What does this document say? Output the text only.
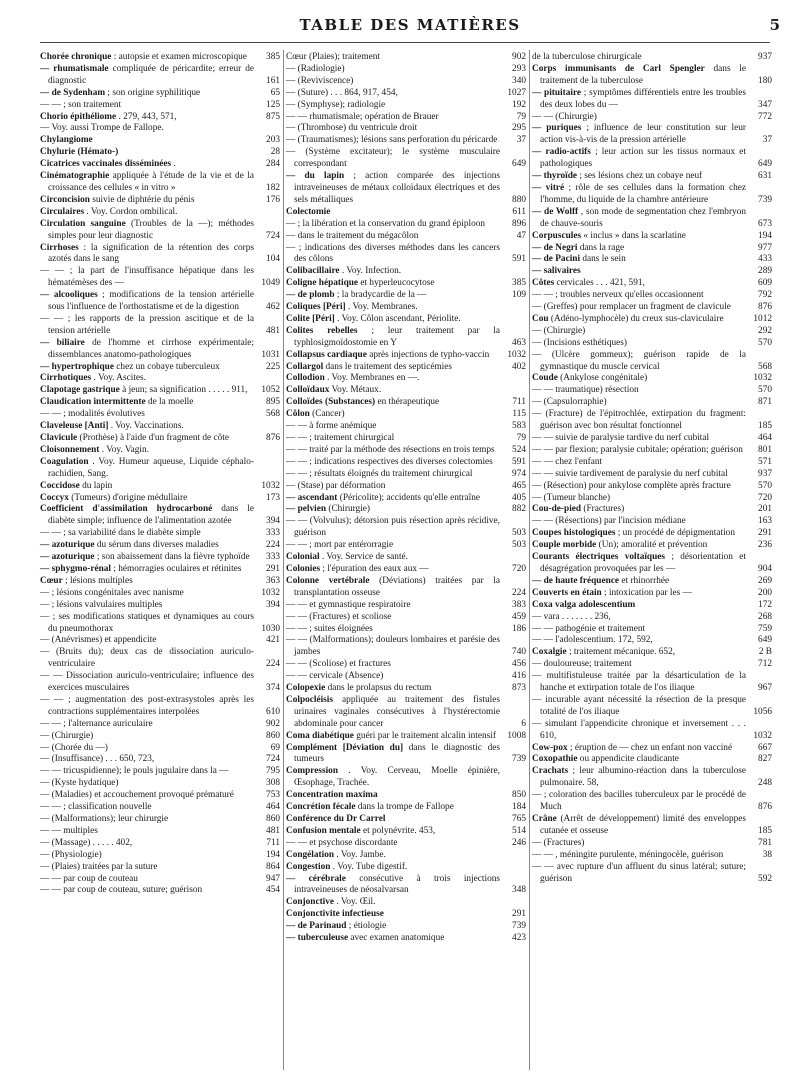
TABLE DES MATIÈRES	5
Chorée chronique : autopsie et examen microscopique 385
— rhumatismale compliquée de péricardite; erreur de diagnostic	161
— de Sydenham ; son origine syphilitique	65
— — ; son traitement	125
Chorio épithéliome . 279, 443, 571,	875
— Voy. aussi Trompe de Fallope.
Chylangiome	203
Chylurie (Hémato-)	28
Cicatrices vaccinales disséminées .	284
Cinématographie appliquée à l'étude de la vie et de la croissance des cellules « in vitro »	182
Circoncision suivie de diphtérie du pénis	176
Circulaires . Voy. Cordon ombilical.
Circulation sanguine (Troubles de la —); méthodes simples pour leur diagnostic	724
Cirrhoses : la signification de la rétention des corps azotés dans le sang	104
— — ; la part de l'insuffisance hépatique dans les hématémèses des —	1049
— alcooliques ; modifications de la tension artérielle sous l'influence de l'orthostatisme et de la digestion	462
— — ; les rapports de la pression ascitique et de la tension artérielle	481
— biliaire de l'homme et cirrhose expérimentale; dissemblances anatomo-pathologiques	1031
— hypertrophique chez un cobaye tuberculeux	225
Cirrhotiques . Voy. Ascites.
Clapotage gastrique à jeun; sa signification . . . . . 911, 1052
Claudication intermittente de la moelle	895
— — ; modalités évolutives	568
Claveleuse [Anti] . Voy. Vaccinations.
Clavicule (Prothèse) à l'aide d'un fragment de côte	876
Cloisonnement . Voy. Vagin.
Coagulation . Voy. Humeur aqueuse, Liquide céphalo-rachidien, Sang.
Coccidose du lapin	1032
Coccyx (Tumeurs) d'origine médullaire	173
Coefficient d'assimilation hydrocarboné dans le diabète simple; influence de l'alimentation azotée	394
— — ; sa variabilité dans le diabète simple	333
— azoturique du sérum dans diverses maladies	224
— azoturique ; son abaissement dans la fièvre typhoïde 333
— sphygmo-rénal ; hémorragies oculaires et rétinites	291
Cœur ; lésions multiples	363
— ; lésions congénitales avec nanisme	1032
— ; lésions valvulaires multiples	394
— ; ses modifications statiques et dynamiques au cours du pneumothorax	1030
— (Anévrismes) et appendicite	421
— (Bruits du); deux cas de dissociation auriculo-ventriculaire	224
— — Dissociation auriculo-ventriculaire; influence des exercices musculaires	374
— — ; augmentation des post-extrasystoles après les contractions supplémentaires interpolées	610
— — ; l'alternance auriculaire	902
— (Chirurgie)	860
— (Chorée du —)	69
— (Insuffisance) . . . 650, 723,	724
— — tricuspidienne); le pouls jugulaire dans la —	795
— (Kyste hydatique)	308
— (Maladies) et accouchement provoqué prématuré	753
— — ; classification nouvelle	464
— (Malformations); leur chirurgie	860
— — multiples	481
— (Massage) . . . . . 402,	711
— (Physiologie)	194
— (Plaies) traitées par la suture	864
— — par coup de couteau	947
— — par coup de couteau, suture; guérison	454
Cœur (Plaies); traitement	902
— (Radiologie)	293
— (Reviviscence)	340
— (Suture) . . . 864, 917, 454,	1027
— (Symphyse); radiologie	192
— — rhumatismale; opération de Brauer	79
— (Thrombose) du ventricule droit	295
— (Traumatismes); lésions sans perforation du péricarde 37
— (Système excitateur); le système musculaire correspondant	649
— du lapin ; action comparée des injections intraveineuses de métaux colloïdaux électriques et des sels métalliques	880
Colectomie	611
— ; la libération et la conservation du grand épiploon	896
— dans le traitement du mégacôlon	47
— ; indications des diverses méthodes dans les cancers des côlons	591
Colibacillaire . Voy. Infection.
Coligne hépatique et hyperleucocytose	385
— de plomb ; la bradycardie de la —	109
Coliques [Péri] . Voy. Membranes.
Colite [Péri] . Voy. Côlon ascendant, Périolite.
Colites rebelles ; leur traitement par la typhlosigmoïdostomie en Y	463
Collapsus cardiaque après injections de typho-vaccin 1032
Collargol dans le traitement des septicémies	402
Collodion . Voy. Membranes en —.
Colloïdaux Voy. Métaux.
Colloïdes (Substances) en thérapeutique	711
Côlon (Cancer)	115
— — à forme anémique	583
— — ; traitement chirurgical	79
— — traité par la méthode des résections en trois temps 524
— — ; indications respectives des diverses colectomies 591
— — ; résultats éloignés du traitement chirurgical	974
— (Stase) par déformation	465
— ascendant (Péricolite); accidents qu'elle entraîne	405
— pelvien (Chirurgie)	882
— — (Volvulus); détorsion puis résection après récidive, guérison	503
— — ; mort par entérorragie	503
Colonial . Voy. Service de santé.
Colonies ; l'épuration des eaux aux —	720
Colonne vertébrale (Déviations) traitées par la transplantation osseuse	224
— — et gymnastique respiratoire	383
— — (Fractures) et scoliose	459
— — ; suites éloignées	186
— — (Malformations); douleurs lombaires et parésie des jambes	740
— — (Scoliose) et fractures	456
— — cervicale (Absence)	416
Colopexie dans le prolapsus du rectum	873
Colpocléisis appliquée au traitement des fistules urinaires vaginales consécutives à l'hystérectomie abdominale pour cancer	6
Coma diabétique guéri par le traitement alcalin intensif 1008
Complément [Déviation du] dans le diagnostic des tumeurs	739
Compression . Voy. Cerveau, Moelle épinière, Œsophage, Trachée.
Concentration maxima	850
Concrétion fécale dans la trompe de Fallope	184
Conférence du Dr Carrel	765
Confusion mentale et polynévrite. 453,	514
— — et psychose discordante	246
Congélation . Voy. Jambe.
Congestion . Voy. Tube digestif.
— cérébrale consécutive à trois injections intraveineuses de néosalvarsan	348
Conjonctive . Voy. Œil.
Conjonctivite infectieuse	291
— de Parinaud ; étiologie	739
— tuberculeuse avec examen anatomique	423
de la tuberculose chirurgicale	937
Corps immunisants de Carl Spengler dans le traitement de la tuberculose	180
— pituitaire ; symptômes différentiels entre les troubles des deux lobes du —	347
— — (Chirurgie)	772
— puriques ; influence de leur constitution sur leur action vis-à-vis de la pression artérielle	37
— radio-actifs ; leur action sur les tissus normaux et pathologiques	649
— thyroïde ; ses lésions chez un cobaye neuf	631
— vitré ; rôle de ses cellules dans la formation chez l'homme, du liquide de la chambre antérieure	739
— de Wolff , son mode de segmentation chez l'embryon de chauve-souris	673
Corpuscules « inclus » dans la scarlatine	194
— de Negri dans la rage	977
— de Pacini dans le sein	433
— salivaires	289
Côtes cervicales . . . 421, 591,	609
— — ; troubles nerveux qu'elles occasionnent	792
— (Greffes) pour remplacer un fragment de clavicule	876
Cou (Adéno-lymphocèle) du creux sus-claviculaire	1012
— (Chirurgie)	292
— (Incisions esthétiques)	570
— (Ulcère gommeux); guérison rapide de la gymnastique du muscle cervical	568
Coude (Ankylose congénitale)	1032
— — traumatique) résection	570
— (Capsulorraphie)	871
— (Fracture) de l'épitrochlée, extirpation du fragment: guérison avec bon résultat fonctionnel	185
— — suivie de paralysie tardive du nerf cubital	464
— — par flexion; paralysie cubitale; opération; guérison 801
— — chez l'enfant	571
— — suivie tardivement de paralysie du nerf cubital	937
— (Résection) pour ankylose complète après fracture	570
— (Tumeur blanche)	720
Cou-de-pied (Fractures)	201
— — (Résections) par l'incision médiane	163
Coupes histologiques ; un procédé de dépigmentation 291
Couple morbide (Un); amoralité et prévention	236
Courants électriques voltaïques ; désorientation et désagrégation provoquées par les —	904
— de haute fréquence et rhinorrhée	269
Couverts en étain ; intoxication par les —	200
Coxa valga adolescentium	172
— vara . . . . . . . 236,	268
— — pathogénie et traitement	759
— — l'adolescentium. 172, 592,	649
Coxalgie ; traitement mécanique. 652,	2 B
— douloureuse; traitement	712
— multifistuleuse traitée par la désarticulation de la hanche et extirpation totale de l'os iliaque	967
— incurable ayant nécessité la résection de la presque totalité de l'os iliaque	1056
— simulant l'appendicite chronique et inversement . . . 610,	1032
Cow-pox ; éruption de — chez un enfant non vacciné	667
Coxopathie ou appendicite claudicante	827
Crachats ; leur albumino-réaction dans la tuberculose pulmonaire. 58,	248
— ; coloration des bacilles tuberculeux par le procédé de Much	876
Crâne (Arrêt de développement) limité des enveloppes cutanée et osseuse	185
— (Fractures)	781
— — , méningite purulente, méningocèle, guérison	38
— — avec rupture d'un affluent du sinus latéral; suture; guérison	592
